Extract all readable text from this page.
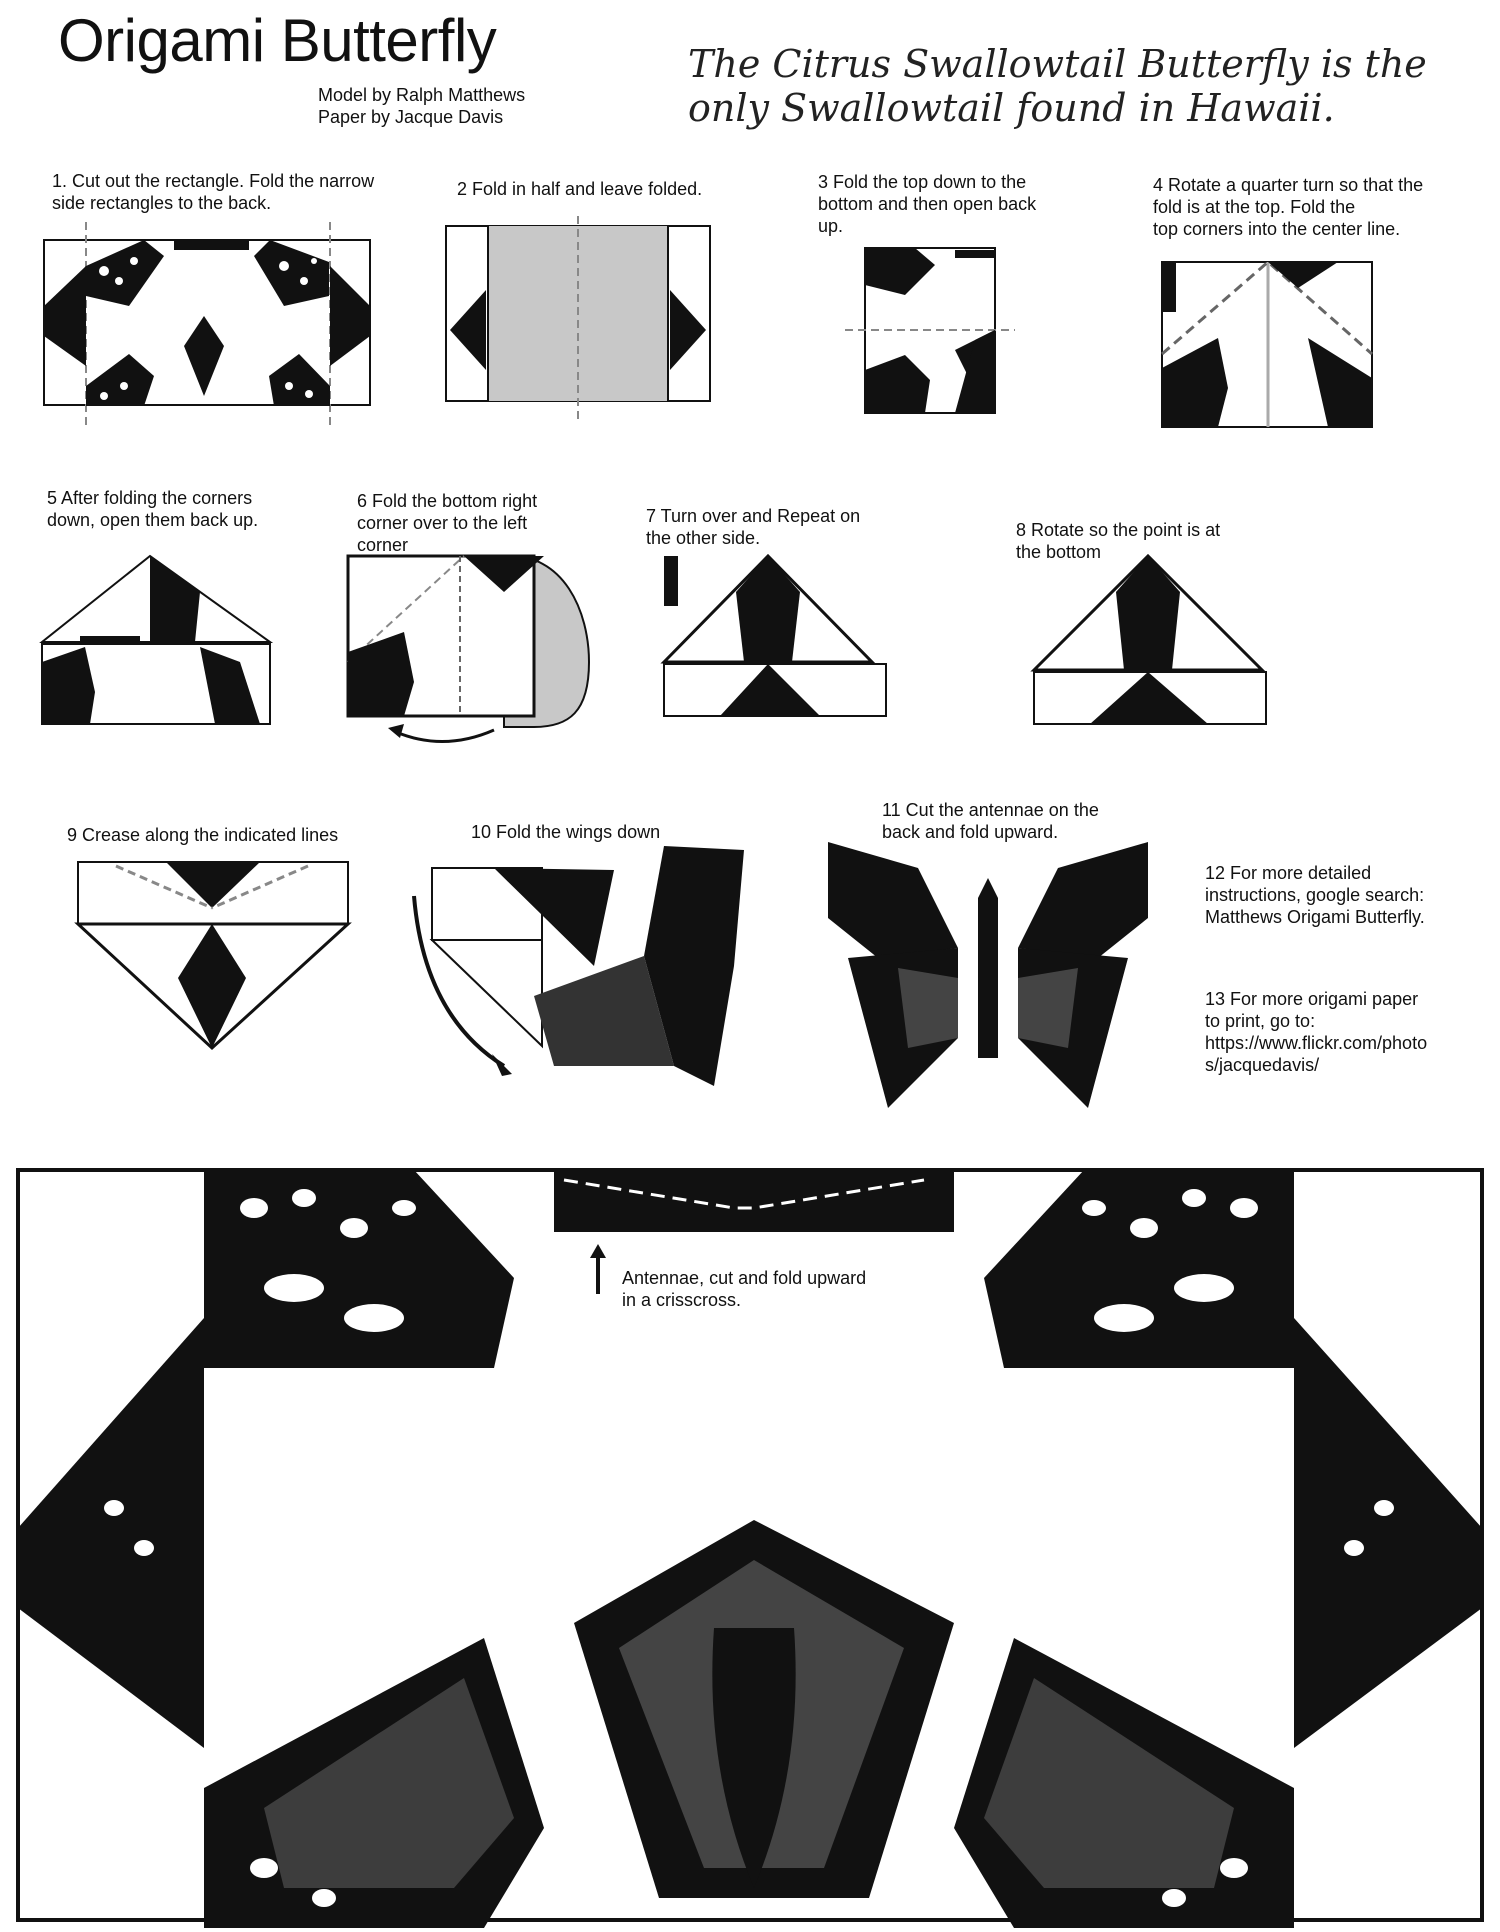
Origami Butterfly
Model by Ralph Matthews
Paper by Jacque Davis
The Citrus Swallowtail Butterfly is the
only Swallowtail found in Hawaii.
1. Cut out the rectangle. Fold the narrow
side rectangles to the back.
2 Fold in half and leave folded.	3 Fold the top down to the
bottom and then open back
up.
4 Rotate a quarter turn so that the
fold is at the top. Fold the
top corners into the center line.
5 After folding the corners
down, open them back up.
6 Fold the bottom right
corner over to the left
corner
7 Turn over and Repeat on
the other side.	8 Rotate so the point is at
the bottom
9 Crease along the indicated lines	10 Fold the wings down
11 Cut the antennae on the
back and fold upward.
12 For more detailed
instructions, google search:
Matthews Origami Butterfly.
13 For more origami paper
to print, go to:
https://www.flickr.com/photo
s/jacquedavis/
Antennae, cut and fold upward
in a crisscross.
